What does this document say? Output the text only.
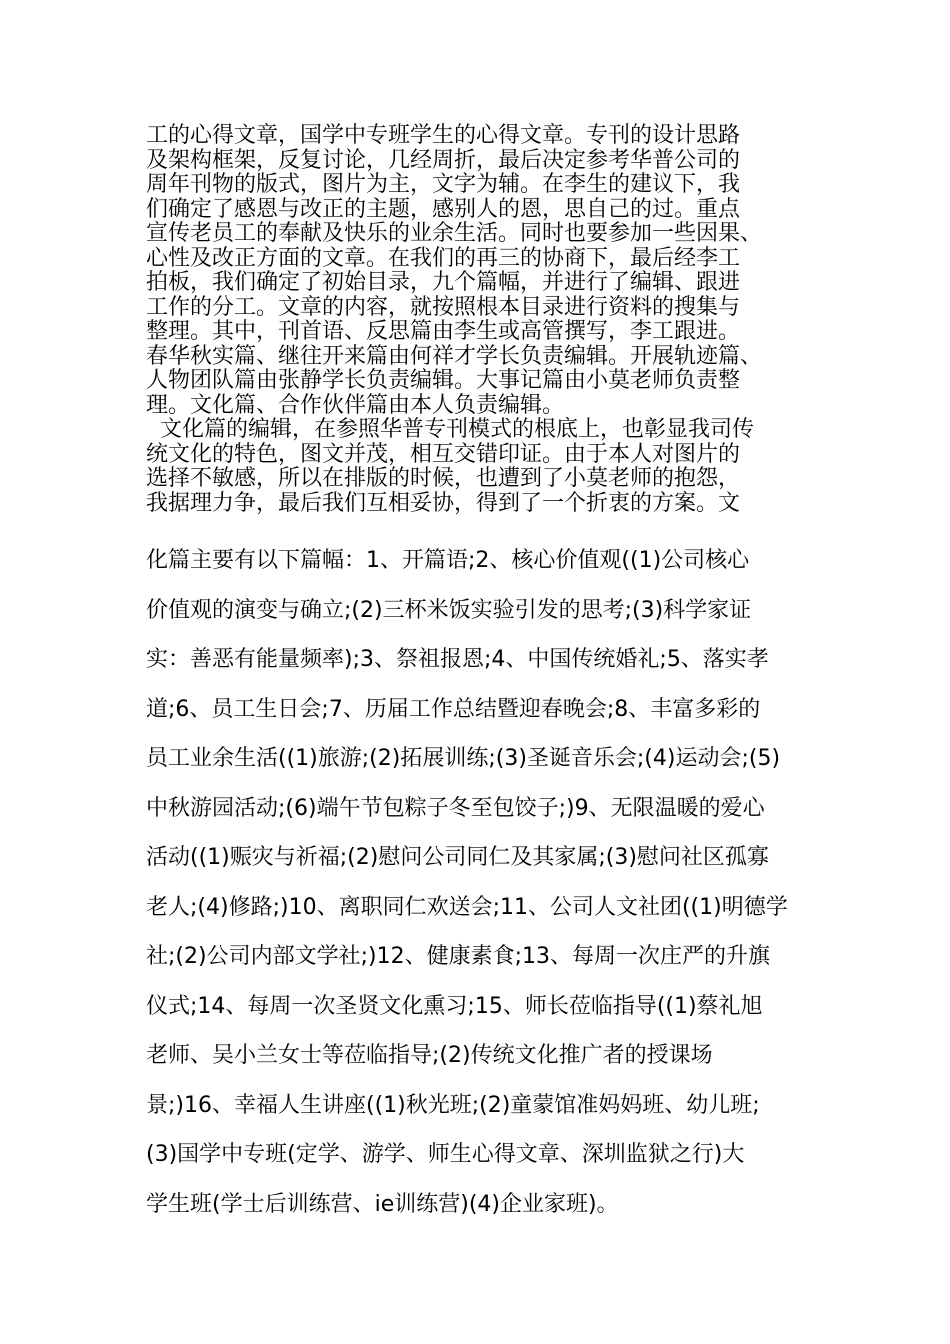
工的心得文章，国学中专班学生的心得文章。专刊的设计思路
及架构框架，反复讨论，几经周折，最后决定参考华普公司的
周年刊物的版式，图片为主，文字为辅。在李生的建议下，我
们确定了感恩与改正的主题，感别人的恩，思自己的过。重点
宣传老员工的奉献及快乐的业余生活。同时也要参加一些因果、
心性及改正方面的文章。在我们的再三的协商下，最后经李工
拍板，我们确定了初始目录，九个篇幅，并进行了编辑、跟进
工作的分工。文章的内容，就按照根本目录进行资料的搜集与
整理。其中，刊首语、反思篇由李生或高管撰写，李工跟进。
春华秋实篇、继往开来篇由何祥才学长负责编辑。开展轨迹篇、
人物团队篇由张静学长负责编辑。大事记篇由小莫老师负责整
理。文化篇、合作伙伴篇由本人负责编辑。
文化篇的编辑，在参照华普专刊模式的根底上，也彰显我司传
统文化的特色，图文并茂，相互交错印证。由于本人对图片的
选择不敏感，所以在排版的时候，也遭到了小莫老师的抱怨，
我据理力争，最后我们互相妥协，得到了一个折衷的方案。文
化篇主要有以下篇幅：1、开篇语;2、核心价值观((1)公司核心
价值观的演变与确立;(2)三杯米饭实验引发的思考;(3)科学家证
实：善恶有能量频率);3、祭祖报恩;4、中国传统婚礼;5、落实孝
道;6、员工生日会;7、历届工作总结暨迎春晚会;8、丰富多彩的
员工业余生活((1)旅游;(2)拓展训练;(3)圣诞音乐会;(4)运动会;(5)
中秋游园活动;(6)端午节包粽子冬至包饺子;)9、无限温暖的爱心
活动((1)赈灾与祈福;(2)慰问公司同仁及其家属;(3)慰问社区孤寡
老人;(4)修路;)10、离职同仁欢送会;11、公司人文社团((1)明德学
社;(2)公司内部文学社;)12、健康素食;13、每周一次庄严的升旗
仪式;14、每周一次圣贤文化熏习;15、师长莅临指导((1)蔡礼旭
老师、吴小兰女士等莅临指导;(2)传统文化推广者的授课场
景;)16、幸福人生讲座((1)秋光班;(2)童蒙馆准妈妈班、幼儿班;
(3)国学中专班(定学、游学、师生心得文章、深圳监狱之行)大
学生班(学士后训练营、ie训练营)(4)企业家班)。
